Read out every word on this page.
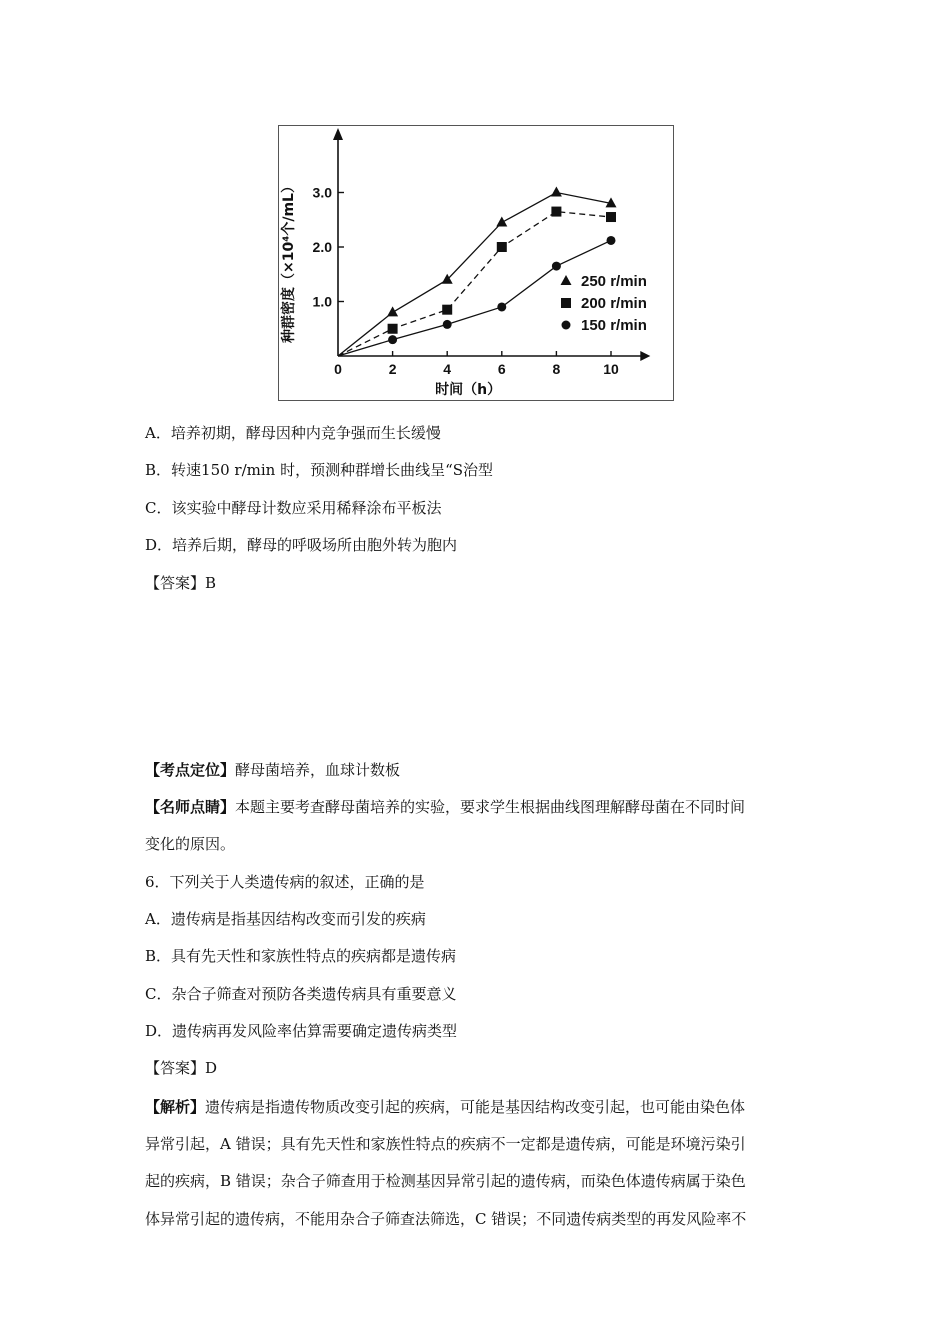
0	2	4	6	8	10
1.0
2.0
3.0
时间（h）
种群密度（×10⁴个/mL）	250 r/min
200 r/min
150 r/min
A．培养初期，酵母因种内竞争强而生长缓慢
B．转速150 r/min 时，预测种群增长曲线呈“S治型
C．该实验中酵母计数应采用稀释涂布平板法
D．培养后期，酵母的呼吸场所由胞外转为胞内
【答案】B
【考点定位】酵母菌培养，血球计数板
【名师点睛】本题主要考查酵母菌培养的实验，要求学生根据曲线图理解酵母菌在不同时间
变化的原因。
6．下列关于人类遗传病的叙述，正确的是
A．遗传病是指基因结构改变而引发的疾病
B．具有先天性和家族性特点的疾病都是遗传病
C．杂合子筛查对预防各类遗传病具有重要意义
D．遗传病再发风险率估算需要确定遗传病类型
【答案】D
【解析】遗传病是指遗传物质改变引起的疾病，可能是基因结构改变引起，也可能由染色体
异常引起，A 错误；具有先天性和家族性特点的疾病不一定都是遗传病，可能是环境污染引
起的疾病，B 错误；杂合子筛查用于检测基因异常引起的遗传病，而染色体遗传病属于染色
体异常引起的遗传病，不能用杂合子筛查法筛选，C 错误；不同遗传病类型的再发风险率不
